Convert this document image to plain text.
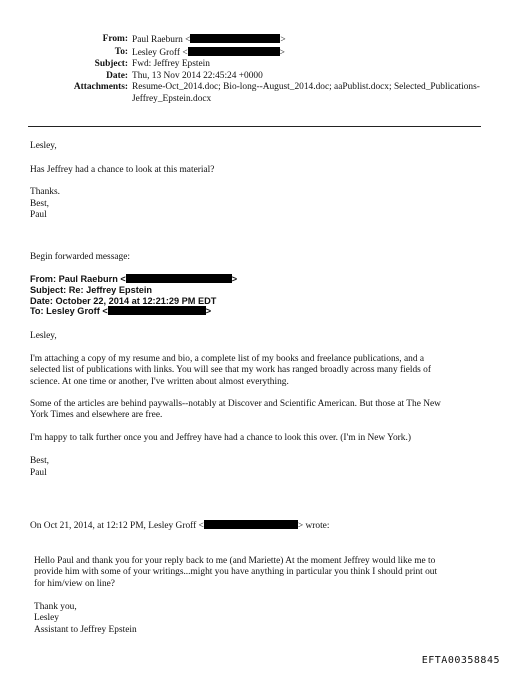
From: Paul Raeburn <	>
To: Lesley Groff <	>
Subject: Fwd: Jeffrey Epstein
Date: Thu, 13 Nov 2014 22:45:24 +0000
Attachments: Resume-Oct_2014.doc; Bio-long--August_2014.doc; aaPublist.docx; Selected_Publications-
Jeffrey_Epstein.docx

Lesley,

Has Jeffrey had a chance to look at this material?

Thanks.

Best,

Paul

Begin forwarded message:

From: Paul Raeburn <	>
Subject: Re: Jeffrey Epstein
Date: October 22, 2014 at 12:21:29 PM EDT
To: Lesley Groff <	>

Lesley,

I'm attaching a copy of my resume and bio, a complete list of my books and freelance publications, and a
selected list of publications with links. You will see that my work has ranged broadly across many fields of
science. At one time or another, I've written about almost everything.
Some of the articles are behind paywalls--notably at Discover and Scientific American. But those at The New
York Times and elsewhere are free.

I'm happy to talk further once you and Jeffrey have had a chance to look this over. (I'm in New York.)

Best,

Paul

On Oct 21, 2014, at 12:12 PM, Lesley Groff <	> wrote:
Hello Paul and thank you for your reply back to me (and Mariette) At the moment Jeffrey would like me to
provide him with some of your writings...might you have anything in particular you think I should print out
for him/view on line?
Thank you,
Lesley
Assistant to Jeffrey Epstein
EFTA00358845
